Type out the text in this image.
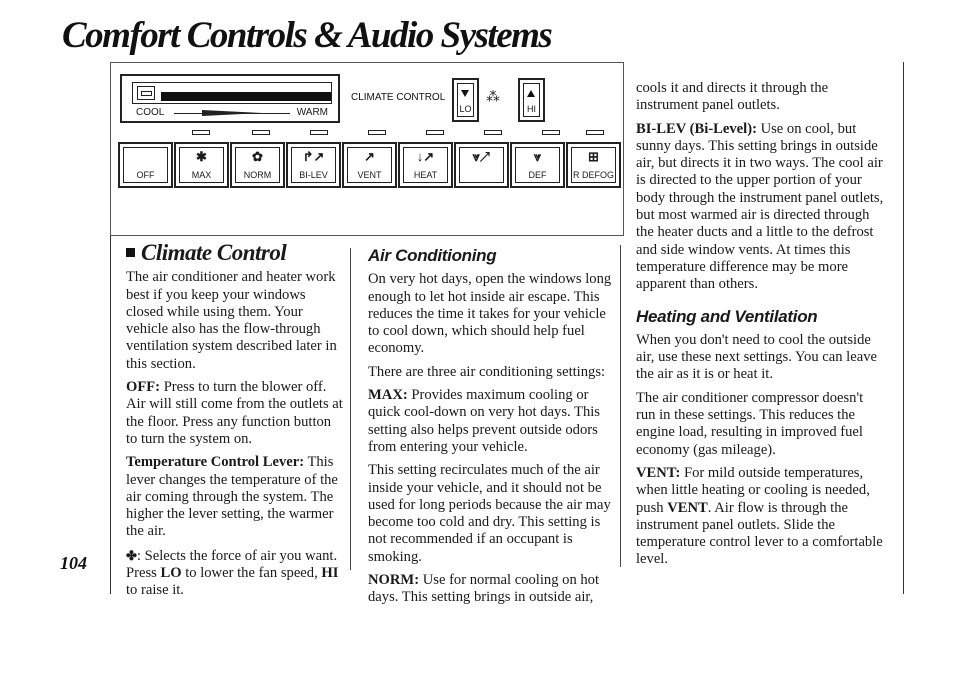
Comfort Controls & Audio Systems
104
COOL	WARM
CLIMATE CONTROL
LO
⁂
HI
OFF
✱
MAX
✿
NORM
↱↗
BI-LEV
↗
VENT
↓↗
HEAT
⩔↗	⩔
DEF
⊞
R DEFOG
Climate Control

The air conditioner and heater work best if you keep your windows closed while using them. Your vehicle also has the flow-through ventilation system described later in this section.

OFF: Press to turn the blower off. Air will still come from the outlets at the floor. Press any function button to turn the system on.

Temperature Control Lever: This lever changes the temperature of the air coming through the system. The higher the lever setting, the warmer the air.

✤: Selects the force of air you want. Press LO to lower the fan speed, HI to raise it.

Air Conditioning

On very hot days, open the windows long enough to let hot inside air escape. This reduces the time it takes for your vehicle to cool down, which should help fuel economy.

There are three air conditioning settings:

MAX: Provides maximum cooling or quick cool-down on very hot days. This setting also helps prevent outside odors from entering your vehicle.

This setting recirculates much of the air inside your vehicle, and it should not be used for long periods because the air may become too cold and dry. This setting is not recommended if an occupant is smoking.

NORM: Use for normal cooling on hot days. This setting brings in outside air,

cools it and directs it through the instrument panel outlets.

BI-LEV (Bi-Level): Use on cool, but sunny days. This setting brings in outside air, but directs it in two ways. The cool air is directed to the upper portion of your body through the instrument panel outlets, but most warmed air is directed through the heater ducts and a little to the defrost and side window vents. At times this temperature difference may be more apparent than others.

Heating and Ventilation

When you don't need to cool the outside air, use these next settings. You can leave the air as it is or heat it.

The air conditioner compressor doesn't run in these settings. This reduces the engine load, resulting in improved fuel economy (gas mileage).

VENT: For mild outside temperatures, when little heating or cooling is needed, push VENT. Air flow is through the instrument panel outlets. Slide the temperature control lever to a comfortable level.
